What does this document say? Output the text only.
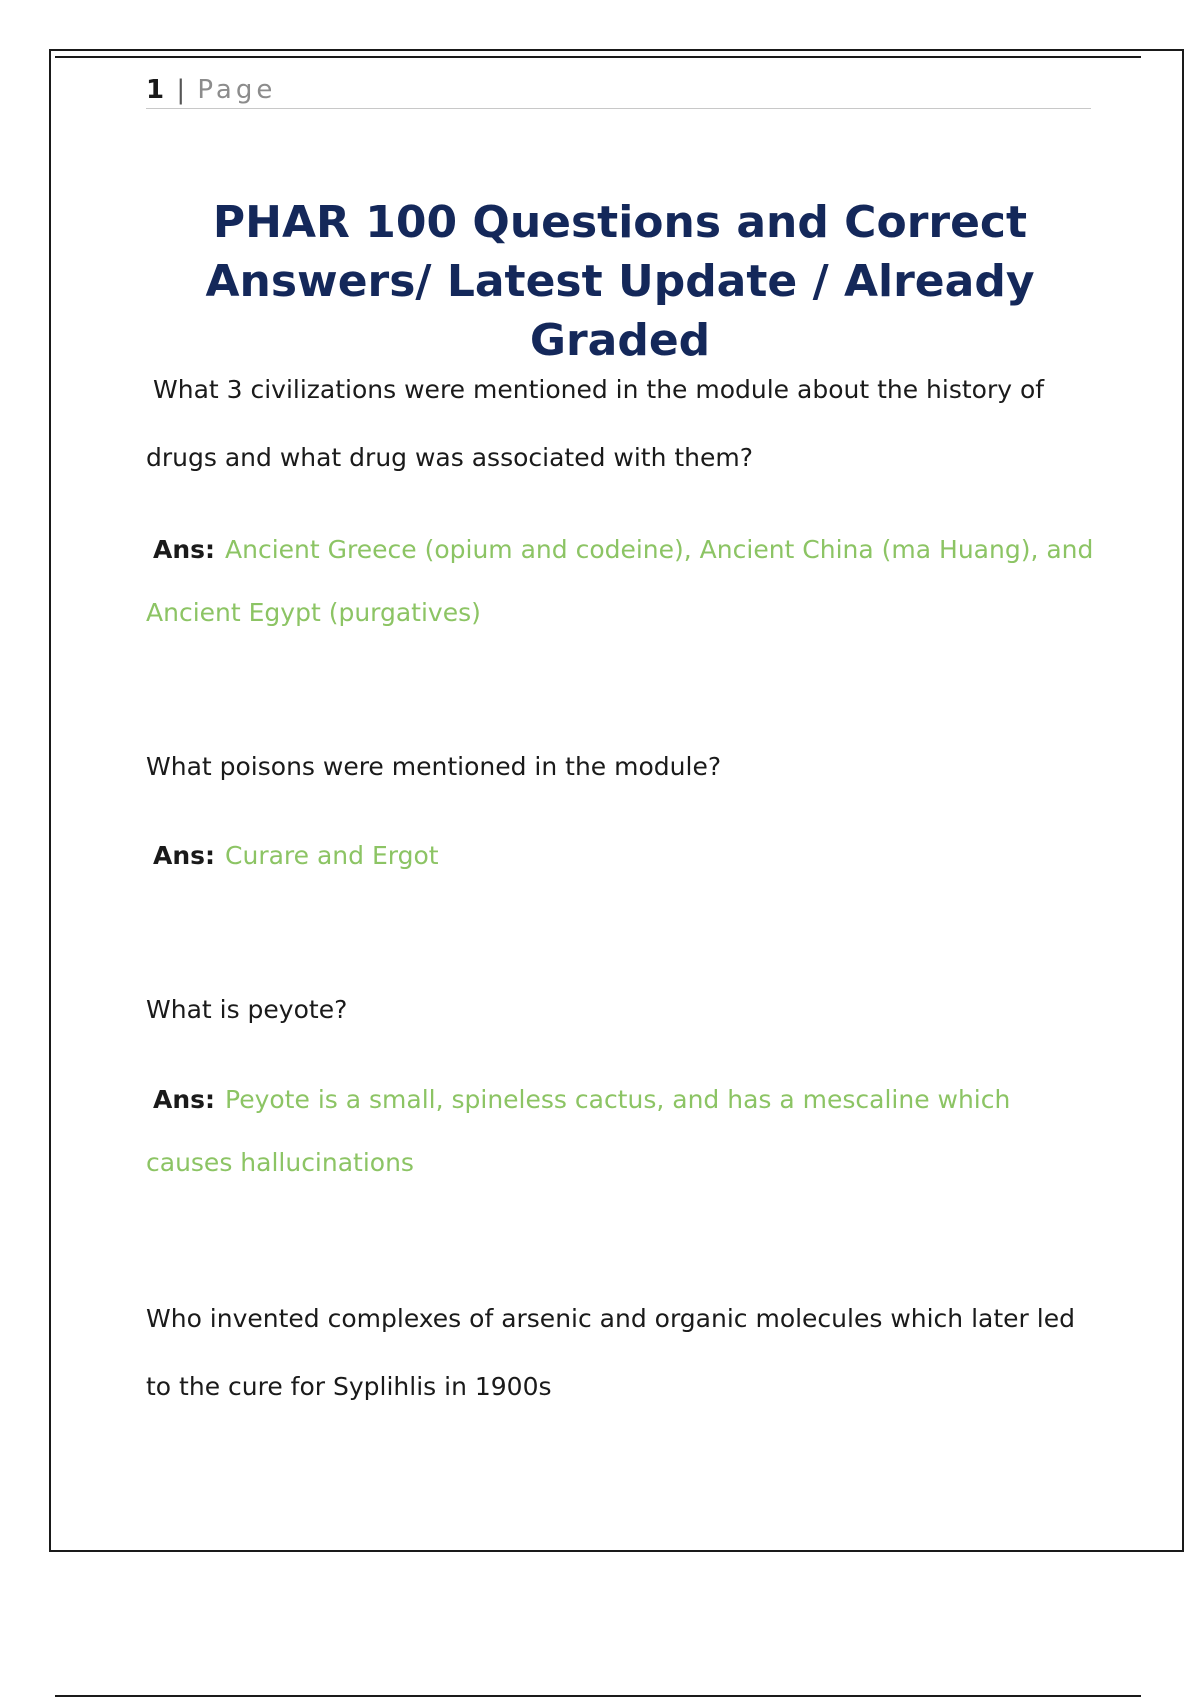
1 | Page
PHAR 100 Questions and Correct Answers/ Latest Update / Already Graded

What 3 civilizations were mentioned in the module about the history of drugs and what drug was associated with them?

Ans: Ancient Greece (opium and codeine), Ancient China (ma Huang), and Ancient Egypt (purgatives)

What poisons were mentioned in the module?

Ans: Curare and Ergot

What is peyote?

Ans: Peyote is a small, spineless cactus, and has a mescaline which causes hallucinations

Who invented complexes of arsenic and organic molecules which later led to the cure for Syplihlis in 1900s
